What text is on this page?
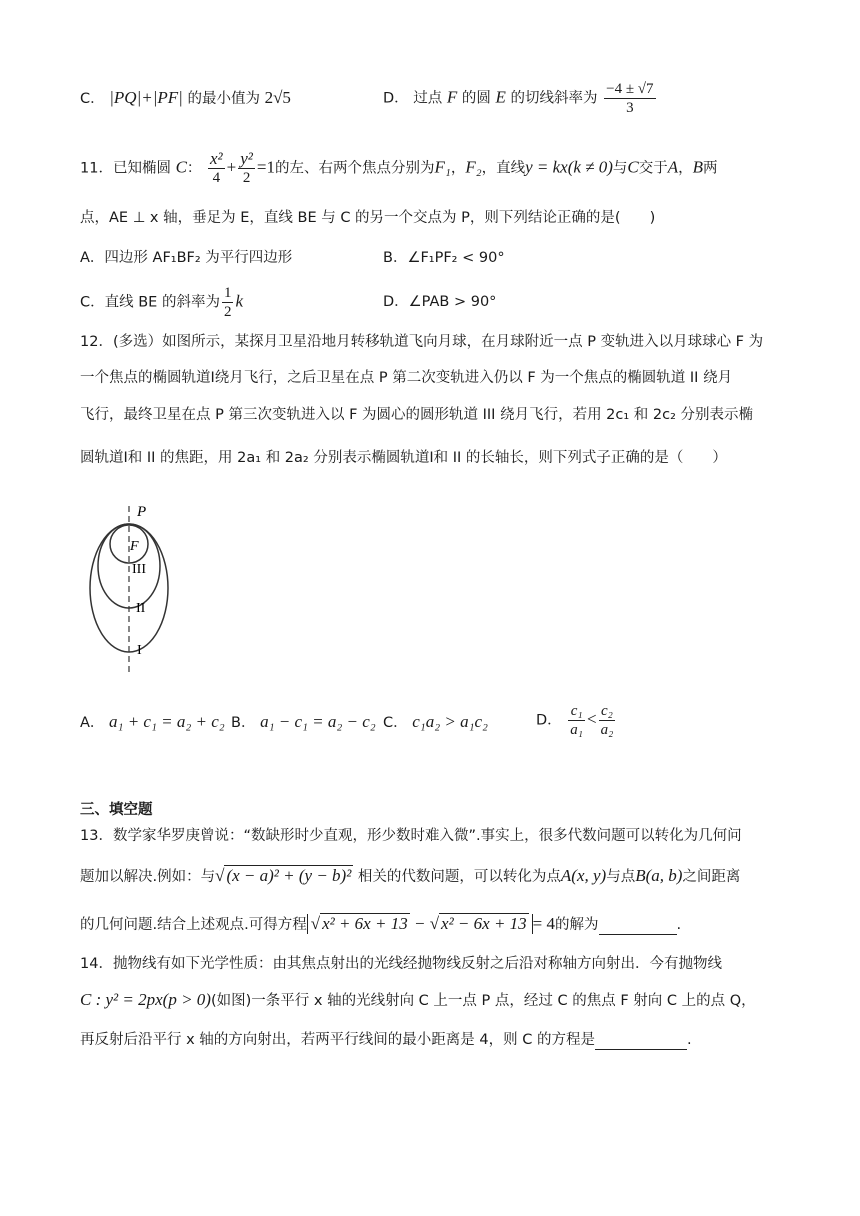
C． |PQ|+|PF| 的最小值为 2√5	D． 过点 F 的圆 E 的切线斜率为 $\frac{-4 \pm √7}{3}$
11．已知椭圆 C： $\frac{\text{x²}}{4} + \frac{\text{y²}}{2} =1$的左、右两个焦点分别为F₁，F₂，直线y = kx(k ≠ 0)与C交于A，B两
点，AE ⊥ x 轴，垂足为 E，直线 BE 与 C 的另一个交点为 P，则下列结论正确的是(　　)
A．四边形 AF₁BF₂ 为平行四边形	B．∠F₁PF₂ < 90°
C．直线 BE 的斜率为 $\frac{1}{2}$ k	D．∠PAB > 90°
12．(多选）如图所示，某探月卫星沿地月转移轨道飞向月球，在月球附近一点 P 变轨进入以月球球心 F 为
一个焦点的椭圆轨道Ⅰ绕月飞行，之后卫星在点 P 第二次变轨进入仍以 F 为一个焦点的椭圆轨道 II 绕月
飞行，最终卫星在点 P 第三次变轨进入以 F 为圆心的圆形轨道 III 绕月飞行，若用 2c₁ 和 2c₂ 分别表示椭
圆轨道Ⅰ和 II 的焦距，用 2a₁ 和 2a₂ 分别表示椭圆轨道Ⅰ和 II 的长轴长，则下列式子正确的是（　　）
P
F
III
II
I
A． a₁ + c₁ = a₂ + c₂ B． a₁ − c₁ = a₂ − c₂ C． c₁a₂ > a₁c₂	D． $\frac{\text{c₁}}{\text{a₁}} < \frac{\text{c₂}}{\text{a₂}}$
三、填空题
13．数学家华罗庚曾说：“数缺形时少直观，形少数时难入微”.事实上，很多代数问题可以转化为几何问
题加以解决.例如：与√ (x − a)² + (y − b)² 相关的代数问题，可以转化为点A(x, y)与点B(a, b)之间距离
的几何问题.结合上述观点.可得方程 √ x² + 6x + 13 − √ x² − 6x + 13 = 4的解为	.
14．抛物线有如下光学性质：由其焦点射出的光线经抛物线反射之后沿对称轴方向射出．今有抛物线
C : y² = 2px(p > 0)(如图)一条平行 x 轴的光线射向 C 上一点 P 点，经过 C 的焦点 F 射向 C 上的点 Q，
再反射后沿平行 x 轴的方向射出，若两平行线间的最小距离是 4，则 C 的方程是	.
